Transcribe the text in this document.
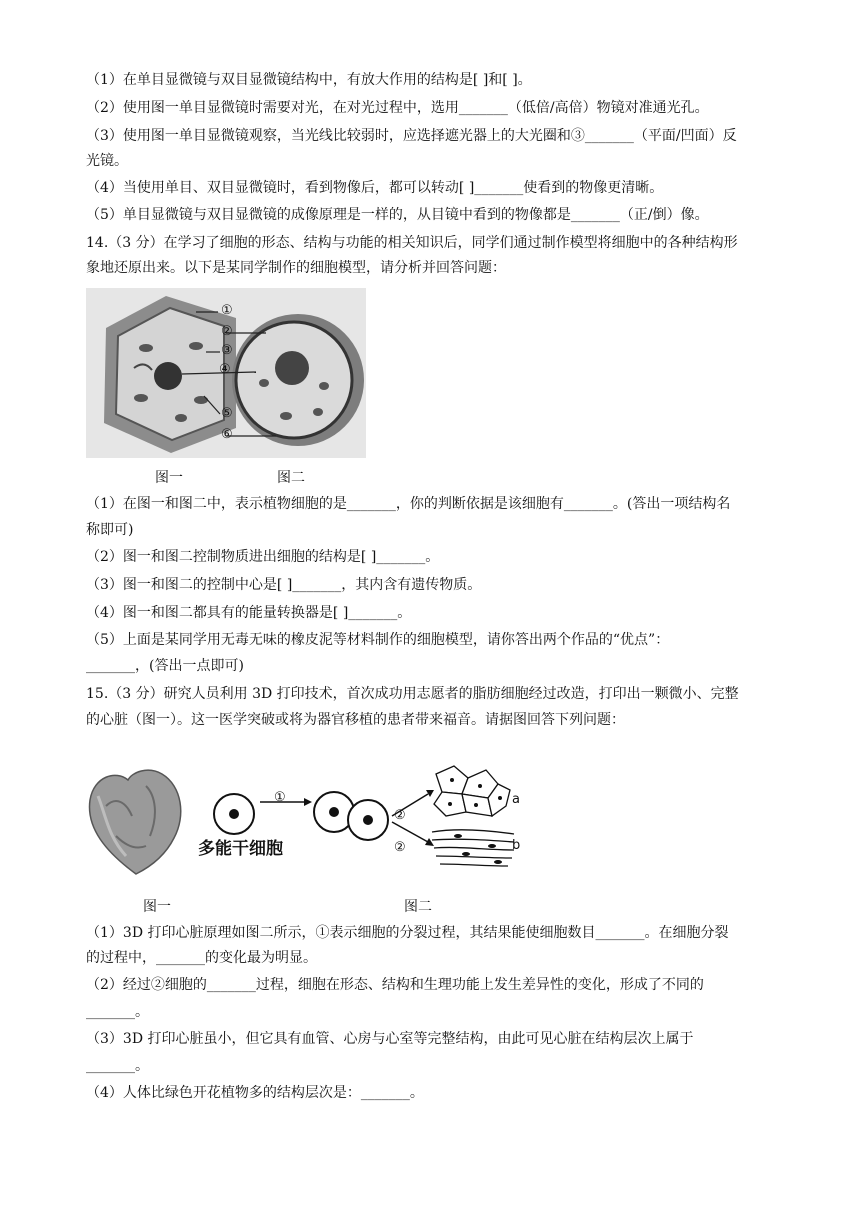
（1）在单目显微镜与双目显微镜结构中，有放大作用的结构是[ ]和[ ]。
（2）使用图一单目显微镜时需要对光，在对光过程中，选用_______（低倍/高倍）物镜对准通光孔。
（3）使用图一单目显微镜观察，当光线比较弱时，应选择遮光器上的大光圈和③_______（平面/凹面）反
光镜。
（4）当使用单目、双目显微镜时，看到物像后，都可以转动[ ]_______使看到的物像更清晰。
（5）单目显微镜与双目显微镜的成像原理是一样的，从目镜中看到的物像都是_______（正/倒）像。
14.（3 分）在学习了细胞的形态、结构与功能的相关知识后，同学们通过制作模型将细胞中的各种结构形
象地还原出来。以下是某同学制作的细胞模型，请分析并回答问题：
①
②
③
④
⑤
⑥
图一	图二
（1）在图一和图二中，表示植物细胞的是_______，你的判断依据是该细胞有_______。(答出一项结构名
称即可)
（2）图一和图二控制物质进出细胞的结构是[ ]_______。
（3）图一和图二的控制中心是[ ]_______，其内含有遗传物质。
（4）图一和图二都具有的能量转换器是[ ]_______。
（5）上面是某同学用无毒无味的橡皮泥等材料制作的细胞模型，请你答出两个作品的“优点”：
_______，(答出一点即可)
15.（3 分）研究人员利用 3D 打印技术，首次成功用志愿者的脂肪细胞经过改造，打印出一颗微小、完整
的心脏（图一）。这一医学突破或将为器官移植的患者带来福音。请据图回答下列问题：
①
②
②
a
b
多能干细胞
图一	图二
（1）3D 打印心脏原理如图二所示，①表示细胞的分裂过程，其结果能使细胞数目_______。在细胞分裂
的过程中，_______的变化最为明显。
（2）经过②细胞的_______过程，细胞在形态、结构和生理功能上发生差异性的变化，形成了不同的
_______。
（3）3D 打印心脏虽小，但它具有血管、心房与心室等完整结构，由此可见心脏在结构层次上属于
_______。
（4）人体比绿色开花植物多的结构层次是：_______。
